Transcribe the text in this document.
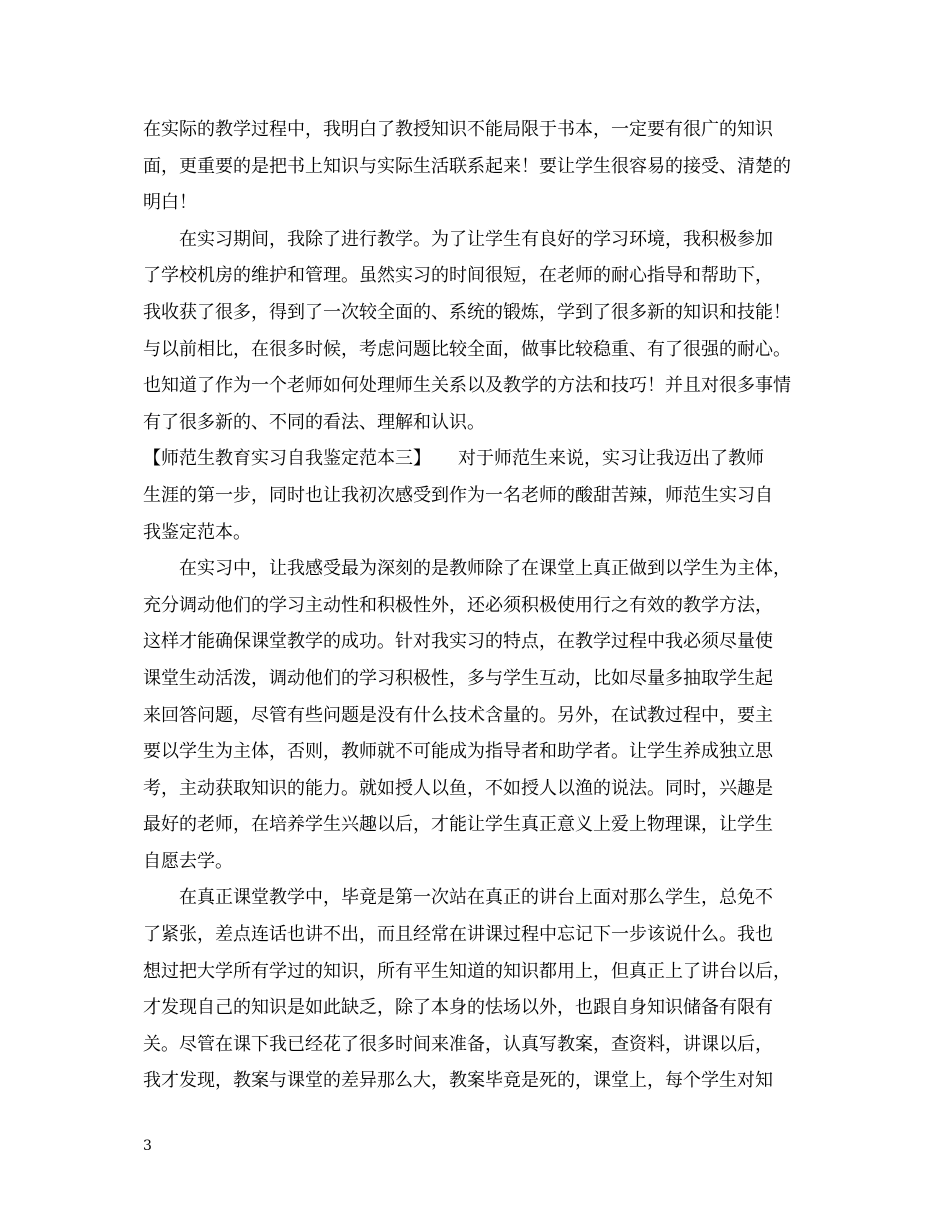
在实际的教学过程中，我明白了教授知识不能局限于书本，一定要有很广的知识
面，更重要的是把书上知识与实际生活联系起来！要让学生很容易的接受、清楚的
明白！
　　在实习期间，我除了进行教学。为了让学生有良好的学习环境，我积极参加
了学校机房的维护和管理。虽然实习的时间很短，在老师的耐心指导和帮助下，
我收获了很多，得到了一次较全面的、系统的锻炼，学到了很多新的知识和技能！
与以前相比，在很多时候，考虑问题比较全面，做事比较稳重、有了很强的耐心。
也知道了作为一个老师如何处理师生关系以及教学的方法和技巧！并且对很多事情
有了很多新的、不同的看法、理解和认识。
【师范生教育实习自我鉴定范本三】　　对于师范生来说，实习让我迈出了教师
生涯的第一步，同时也让我初次感受到作为一名老师的酸甜苦辣，师范生实习自
我鉴定范本。
　　在实习中，让我感受最为深刻的是教师除了在课堂上真正做到以学生为主体，
充分调动他们的学习主动性和积极性外，还必须积极使用行之有效的教学方法，
这样才能确保课堂教学的成功。针对我实习的特点，在教学过程中我必须尽量使
课堂生动活泼，调动他们的学习积极性，多与学生互动，比如尽量多抽取学生起
来回答问题，尽管有些问题是没有什么技术含量的。另外，在试教过程中，要主
要以学生为主体，否则，教师就不可能成为指导者和助学者。让学生养成独立思
考，主动获取知识的能力。就如授人以鱼，不如授人以渔的说法。同时，兴趣是
最好的老师，在培养学生兴趣以后，才能让学生真正意义上爱上物理课，让学生
自愿去学。
　　在真正课堂教学中，毕竟是第一次站在真正的讲台上面对那么学生，总免不
了紧张，差点连话也讲不出，而且经常在讲课过程中忘记下一步该说什么。我也
想过把大学所有学过的知识，所有平生知道的知识都用上，但真正上了讲台以后，
才发现自己的知识是如此缺乏，除了本身的怯场以外，也跟自身知识储备有限有
关。尽管在课下我已经花了很多时间来准备，认真写教案，查资料，讲课以后，
我才发现，教案与课堂的差异那么大，教案毕竟是死的，课堂上，每个学生对知
3
